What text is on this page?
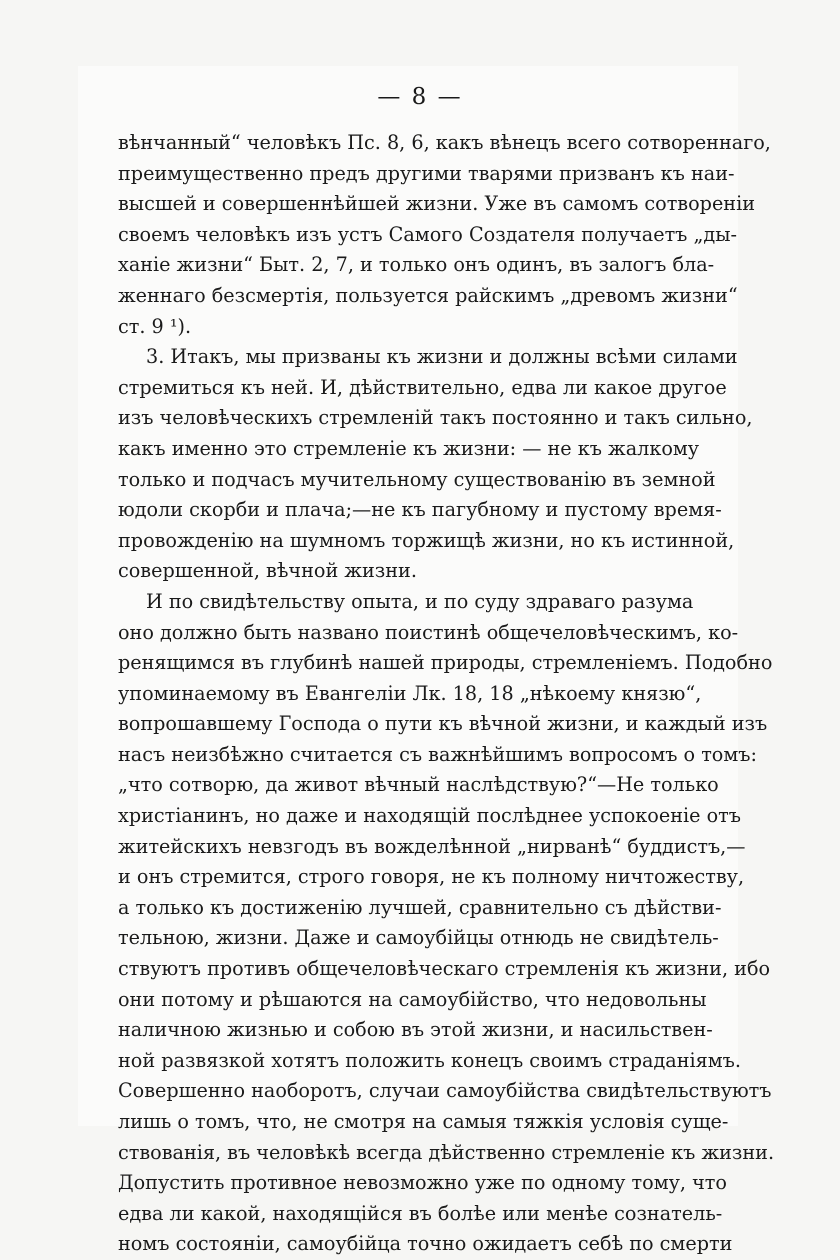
— 8 —
вѣнчанный“ человѣкъ Пс. 8, 6, какъ вѣнецъ всего сотвореннаго,
преимущественно предъ другими тварями призванъ къ наи-
высшей и совершеннѣйшей жизни. Уже въ самомъ сотвореніи
своемъ человѣкъ изъ устъ Самого Создателя получаетъ „ды-
ханіе жизни“ Быт. 2, 7, и только онъ одинъ, въ залогъ бла-
женнаго безсмертія, пользуется райскимъ „древомъ жизни“
ст. 9 ¹).
3. Итакъ, мы призваны къ жизни и должны всѣми силами
стремиться къ ней. И, дѣйствительно, едва ли какое другое
изъ человѣческихъ стремленій такъ постоянно и такъ сильно,
какъ именно это стремленіе къ жизни: — не къ жалкому
только и подчасъ мучительному существованію въ земной
юдоли скорби и плача;—не къ пагубному и пустому время-
провожденію на шумномъ торжищѣ жизни, но къ истинной,
совершенной, вѣчной жизни.
И по свидѣтельству опыта, и по суду здраваго разума
оно должно быть названо поистинѣ общечеловѣческимъ, ко-
ренящимся въ глубинѣ нашей природы, стремленіемъ. Подобно
упоминаемому въ Евангеліи Лк. 18, 18 „нѣкоему князю“,
вопрошавшему Господа о пути къ вѣчной жизни, и каждый изъ
насъ неизбѣжно считается съ важнѣйшимъ вопросомъ о томъ:
„что сотворю, да живот вѣчный наслѣдствую?“—Не только
христіанинъ, но даже и находящій послѣднее успокоеніе отъ
житейскихъ невзгодъ въ вожделѣнной „нирванѣ“ буддистъ,—
и онъ стремится, строго говоря, не къ полному ничтожеству,
а только къ достиженію лучшей, сравнительно съ дѣйстви-
тельною, жизни. Даже и самоубійцы отнюдь не свидѣтель-
ствуютъ противъ общечеловѣческаго стремленія къ жизни, ибо
они потому и рѣшаются на самоубійство, что недовольны
наличною жизнью и собою въ этой жизни, и насильствен-
ной развязкой хотятъ положить конецъ своимъ страданіямъ.
Совершенно наоборотъ, случаи самоубійства свидѣтельствуютъ
лишь о томъ, что, не смотря на самыя тяжкія условія суще-
ствованія, въ человѣкѣ всегда дѣйственно стремленіе къ жизни.
Допустить противное невозможно уже по одному тому, что
едва ли какой, находящійся въ болѣе или менѣе сознатель-
номъ состояніи, самоубійца точно ожидаетъ себѣ по смерти
